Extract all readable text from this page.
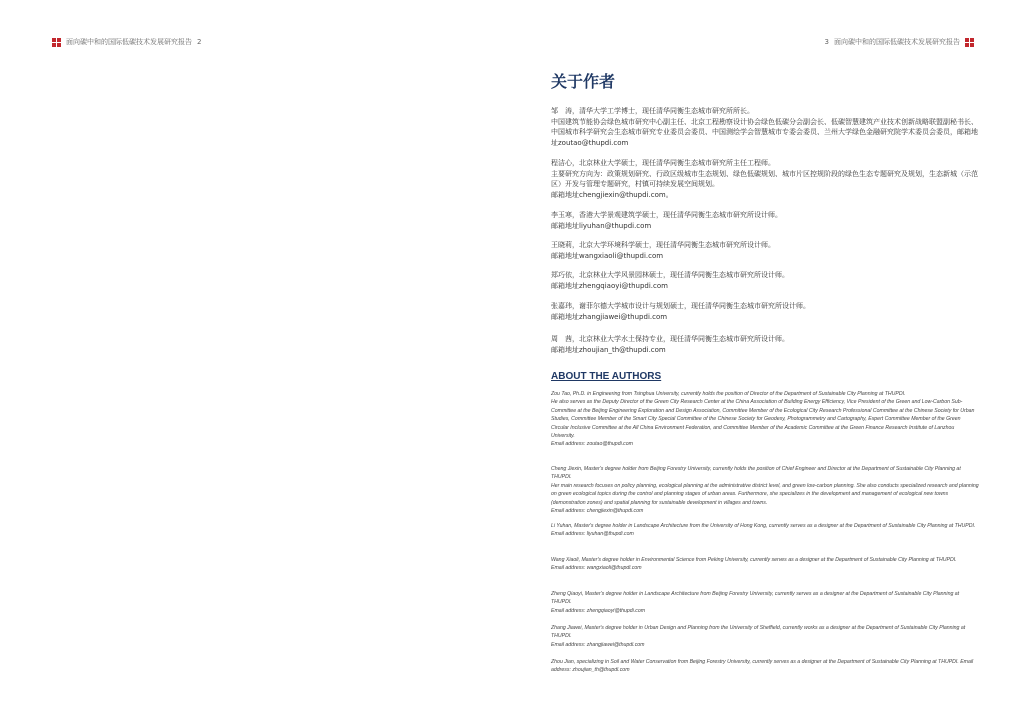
面向碳中和的国际低碳技术发展研究报告 2	3 面向碳中和的国际低碳技术发展研究报告
关于作者

邹　涛，清华大学工学博士，现任清华同衡生态城市研究所所长。

中国建筑节能协会绿色城市研究中心副主任、北京工程勘察设计协会绿色低碳分会副会长、低碳智慧建筑产业技术创新战略联盟副秘书长、中国城市科学研究会生态城市研究专业委员会委员、中国测绘学会智慧城市专委会委员、兰州大学绿色金融研究院学术委员会委员，邮箱地址zoutao@thupdi.com

程洁心，北京林业大学硕士，现任清华同衡生态城市研究所主任工程师。

主要研究方向为：政策规划研究、行政区级城市生态规划、绿色低碳规划、城市片区控规阶段的绿色生态专题研究及规划，生态新城（示范区）开发与管理专题研究，村镇可持续发展空间规划。

邮箱地址chengjiexin@thupdi.com。

李玉寒，香港大学景观建筑学硕士，现任清华同衡生态城市研究所设计师。

邮箱地址liyuhan@thupdi.com

王晓莉，北京大学环境科学硕士，现任清华同衡生态城市研究所设计师。

邮箱地址wangxiaoli@thupdi.com

郑巧依，北京林业大学风景园林硕士，现任清华同衡生态城市研究所设计师。

邮箱地址zhengqiaoyi@thupdi.com

张嘉玮，谢菲尔德大学城市设计与规划硕士，现任清华同衡生态城市研究所设计师。

邮箱地址zhangjiawei@thupdi.com

周　茜，北京林业大学水土保持专业，现任清华同衡生态城市研究所设计师。

邮箱地址zhoujian_th@thupdi.com

ABOUT THE AUTHORS

Zou Tao, Ph.D. in Engineering from Tsinghua University, currently holds the position of Director of the Department of Sustainable City Planning at THUPDI.

He also serves as the Deputy Director of the Green City Research Center at the China Association of Building Energy Efficiency, Vice President of the Green and Low-Carbon Sub-Committee at the Beijing Engineering Exploration and Design Association, Committee Member of the Ecological City Research Professional Committee at the Chinese Society for Urban Studies, Committee Member of the Smart City Special Committee of the Chinese Society for Geodesy, Photogrammetry and Cartography, Expert Committee Member of the Green Circular Inclusive Committee at the All China Environment Federation, and Committee Member of the Academic Committee at the Green Finance Research Institute of Lanzhou University.

Email address: zoutao@thupdi.com

Cheng Jiexin, Master's degree holder from Beijing Forestry University, currently holds the position of Chief Engineer and Director at the Department of Sustainable City Planning at THUPDI.

Her main research focuses on policy planning, ecological planning at the administrative district level, and green low-carbon planning. She also conducts specialized research and planning on green ecological topics during the control and planning stages of urban areas. Furthermore, she specializes in the development and management of ecological new towns (demonstration zones) and spatial planning for sustainable development in villages and towns.

Email address: chengjiexin@thupdi.com

Li Yuhan, Master's degree holder in Landscape Architecture from the University of Hong Kong, currently serves as a designer at the Department of Sustainable City Planning at THUPDI.

Email address: liyuhan@thupdi.com

Wang Xiaoli, Master's degree holder in Environmental Science from Peking University, currently serves as a designer at the Department of Sustainable City Planning at THUPDI.

Email address: wangxiaoli@thupdi.com

Zheng Qiaoyi, Master's degree holder in Landscape Architecture from Beijing Forestry University, currently serves as a designer at the Department of Sustainable City Planning at THUPDI.

Email address: zhengqiaoyi@thupdi.com

Zhang Jiawei, Master's degree holder in Urban Design and Planning from the University of Sheffield, currently works as a designer at the Department of Sustainable City Planning at THUPDI.

Email address: zhangjiawei@thupdi.com

Zhou Jian, specializing in Soil and Water Conservation from Beijing Forestry University, currently serves as a designer at the Department of Sustainable City Planning at THUPDI. Email address: zhoujian_th@thupdi.com
